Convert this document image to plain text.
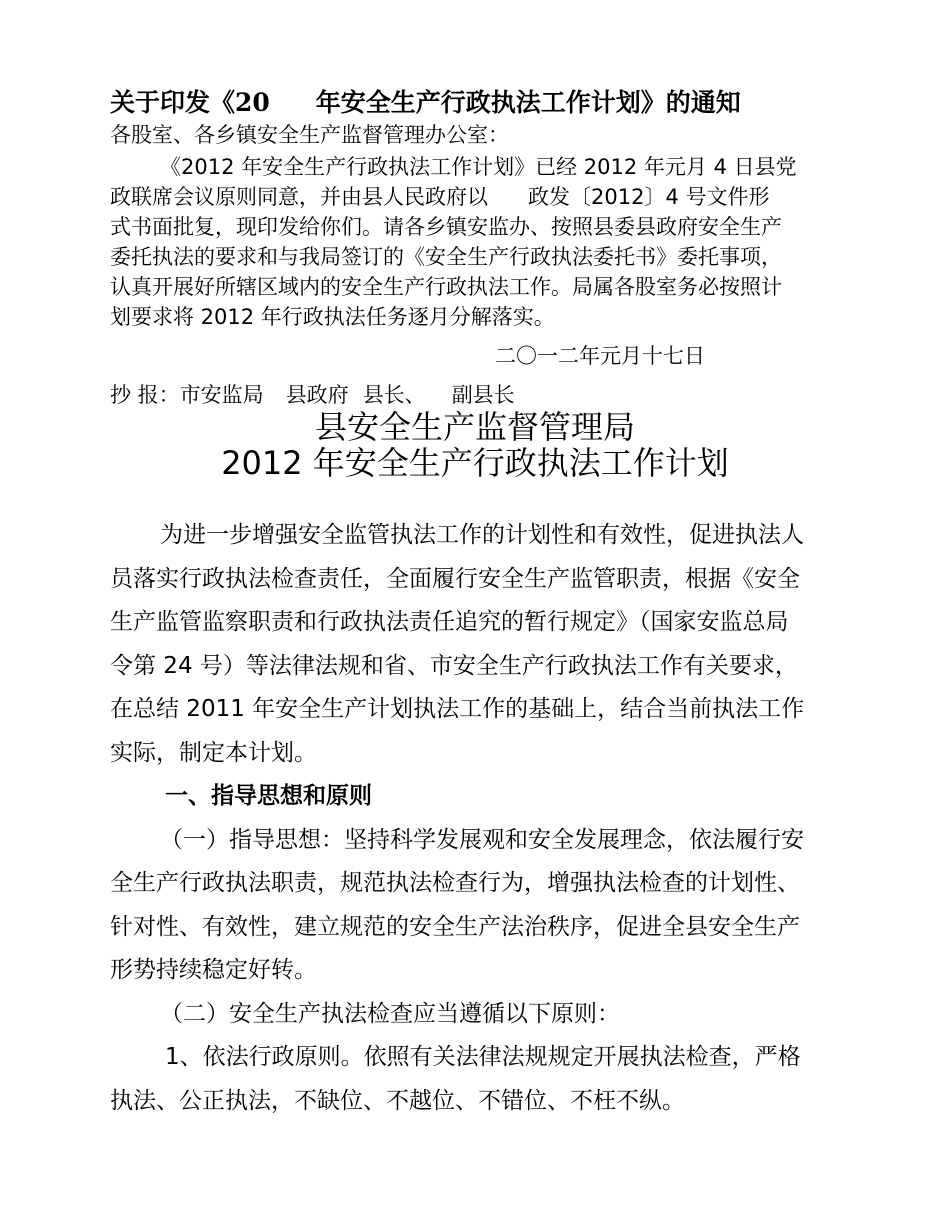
关于印发《20 年安全生产行政执法工作计划》的通知
各股室、各乡镇安全生产监督管理办公室：
《2012 年安全生产行政执法工作计划》已经 2012 年元月 4 日县党
政联席会议原则同意，并由县人民政府以 政发〔2012〕4 号文件形
式书面批复，现印发给你们。请各乡镇安监办、按照县委县政府安全生产
委托执法的要求和与我局签订的《安全生产行政执法委托书》委托事项，
认真开展好所辖区域内的安全生产行政执法工作。局属各股室务必按照计
划要求将 2012 年行政执法任务逐月分解落实。
二〇一二年元月十七日
抄 报：市安监局 县政府 县长、 副县长
县安全生产监督管理局
2012 年安全生产行政执法工作计划
为进一步增强安全监管执法工作的计划性和有效性，促进执法人
员落实行政执法检查责任，全面履行安全生产监管职责，根据《安全
生产监管监察职责和行政执法责任追究的暂行规定》（国家安监总局
令第 24 号）等法律法规和省、市安全生产行政执法工作有关要求，
在总结 2011 年安全生产计划执法工作的基础上，结合当前执法工作
实际，制定本计划。
一、指导思想和原则
（一）指导思想：坚持科学发展观和安全发展理念，依法履行安
全生产行政执法职责，规范执法检查行为，增强执法检查的计划性、
针对性、有效性，建立规范的安全生产法治秩序，促进全县安全生产
形势持续稳定好转。
（二）安全生产执法检查应当遵循以下原则：
1、依法行政原则。依照有关法律法规规定开展执法检查，严格
执法、公正执法，不缺位、不越位、不错位、不枉不纵。
